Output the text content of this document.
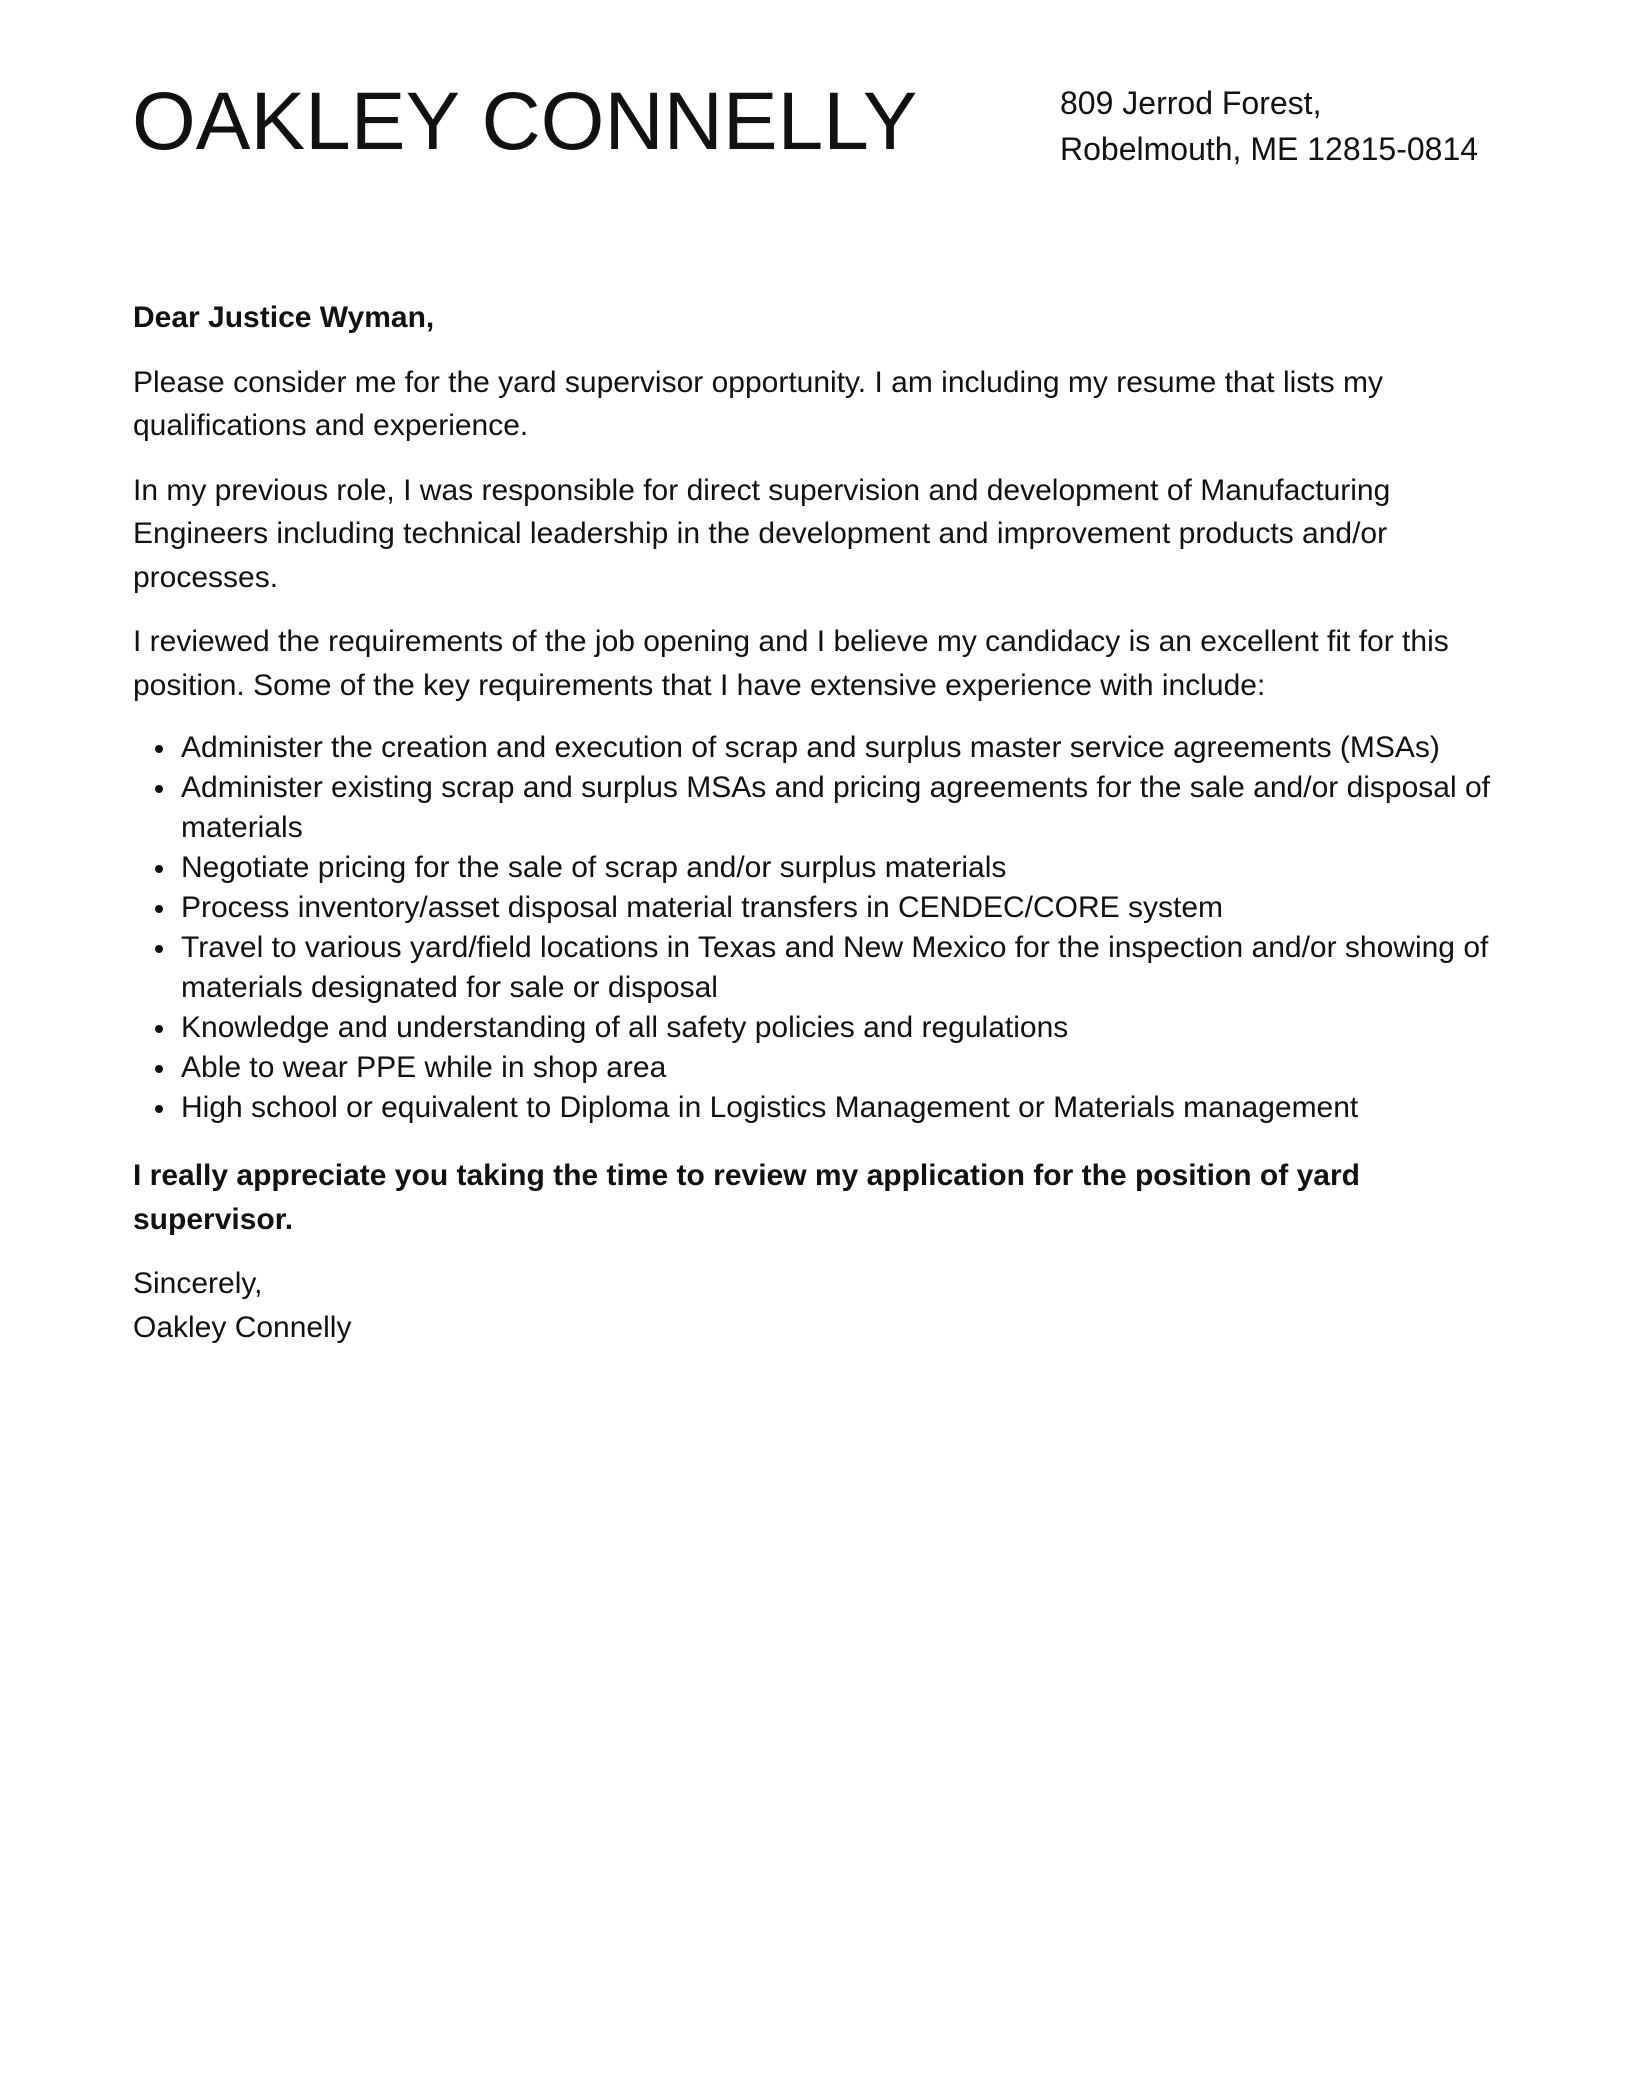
OAKLEY CONNELLY	809 Jerrod Forest,
Robelmouth, ME 12815-0814

Dear Justice Wyman,

Please consider me for the yard supervisor opportunity. I am including my resume that lists my qualifications and experience.

In my previous role, I was responsible for direct supervision and development of Manufacturing Engineers including technical leadership in the development and improvement products and/or processes.

I reviewed the requirements of the job opening and I believe my candidacy is an excellent fit for this position. Some of the key requirements that I have extensive experience with include:

Administer the creation and execution of scrap and surplus master service agreements (MSAs)
Administer existing scrap and surplus MSAs and pricing agreements for the sale and/or disposal of materials
Negotiate pricing for the sale of scrap and/or surplus materials
Process inventory/asset disposal material transfers in CENDEC/CORE system
Travel to various yard/field locations in Texas and New Mexico for the inspection and/or showing of materials designated for sale or disposal
Knowledge and understanding of all safety policies and regulations
Able to wear PPE while in shop area
High school or equivalent to Diploma in Logistics Management or Materials management

I really appreciate you taking the time to review my application for the position of yard supervisor.

Sincerely,
Oakley Connelly
